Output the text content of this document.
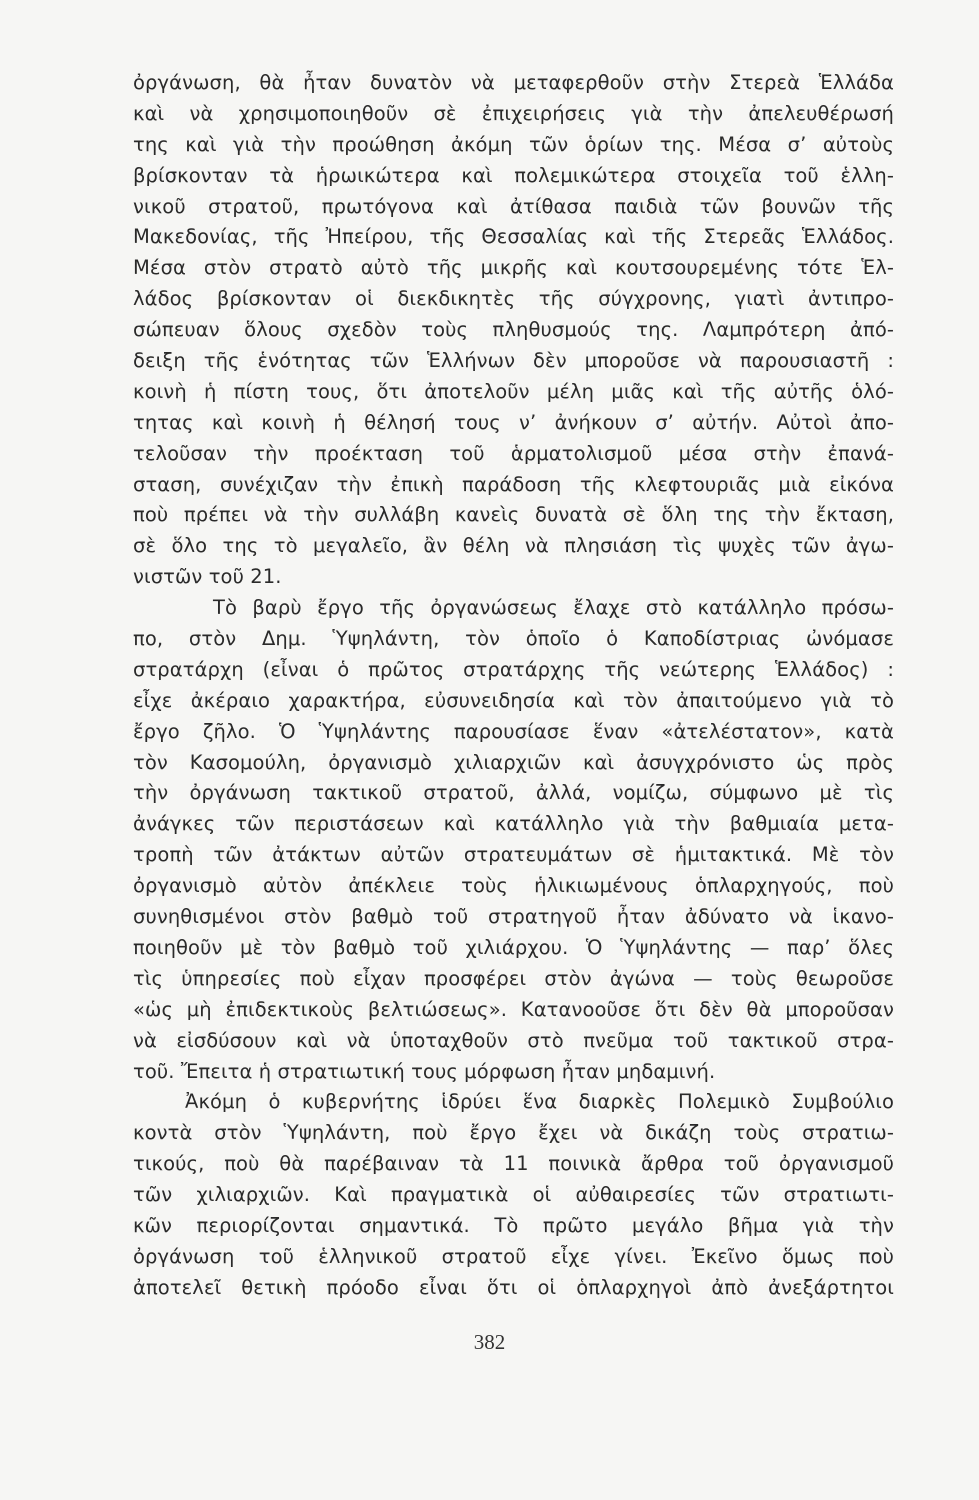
ὀργάνωση, θὰ ἦταν δυνατὸν νὰ μεταφερθοῦν στὴν Στερεὰ Ἑλλάδα
καὶ νὰ χρησιμοποιηθοῦν σὲ ἐπιχειρήσεις γιὰ τὴν ἀπελευθέρωσή
της καὶ γιὰ τὴν προώθηση ἀκόμη τῶν ὁρίων της. Μέσα σ’ αὐτοὺς
βρίσκονταν τὰ ἡρωικώτερα καὶ πολεμικώτερα στοιχεῖα τοῦ ἑλλη-
νικοῦ στρατοῦ, πρωτόγονα καὶ ἀτίθασα παιδιὰ τῶν βουνῶν τῆς
Μακεδονίας, τῆς Ἠπείρου, τῆς Θεσσαλίας καὶ τῆς Στερεᾶς Ἑλλάδος.
Μέσα στὸν στρατὸ αὐτὸ τῆς μικρῆς καὶ κουτσουρεμένης τότε Ἑλ-
λάδος βρίσκονταν οἱ διεκδικητὲς τῆς σύγχρονης, γιατὶ ἀντιπρο-
σώπευαν ὅλους σχεδὸν τοὺς πληθυσμούς της. Λαμπρότερη ἀπό-
δειξη τῆς ἑνότητας τῶν Ἑλλήνων δὲν μποροῦσε νὰ παρουσιαστῆ :
κοινὴ ἡ πίστη τους, ὅτι ἀποτελοῦν μέλη μιᾶς καὶ τῆς αὐτῆς ὁλό-
τητας καὶ κοινὴ ἡ θέλησή τους ν’ ἀνήκουν σ’ αὐτήν. Αὐτοὶ ἀπο-
τελοῦσαν τὴν προέκταση τοῦ ἁρματολισμοῦ μέσα στὴν ἐπανά-
σταση, συνέχιζαν τὴν ἐπικὴ παράδοση τῆς κλεφτουριᾶς μιὰ εἰκόνα
ποὺ πρέπει νὰ τὴν συλλάβη κανεὶς δυνατὰ σὲ ὅλη της τὴν ἔκταση,
σὲ ὅλο της τὸ μεγαλεῖο, ἂν θέλη νὰ πλησιάση τὶς ψυχὲς τῶν ἀγω-
νιστῶν τοῦ 21.
Τὸ βαρὺ ἔργο τῆς ὀργανώσεως ἔλαχε στὸ κατάλληλο πρόσω-
πο, στὸν Δημ. Ὑψηλάντη, τὸν ὁποῖο ὁ Καποδίστριας ὠνόμασε
στρατάρχη (εἶναι ὁ πρῶτος στρατάρχης τῆς νεώτερης Ἑλλάδος) :
εἶχε ἀκέραιο χαρακτήρα, εὐσυνειδησία καὶ τὸν ἀπαιτούμενο γιὰ τὸ
ἔργο ζῆλο. Ὁ Ὑψηλάντης παρουσίασε ἕναν «ἀτελέστατον», κατὰ
τὸν Κασομούλη, ὀργανισμὸ χιλιαρχιῶν καὶ ἀσυγχρόνιστο ὡς πρὸς
τὴν ὀργάνωση τακτικοῦ στρατοῦ, ἀλλά, νομίζω, σύμφωνο μὲ τὶς
ἀνάγκες τῶν περιστάσεων καὶ κατάλληλο γιὰ τὴν βαθμιαία μετα-
τροπὴ τῶν ἀτάκτων αὐτῶν στρατευμάτων σὲ ἡμιτακτικά. Μὲ τὸν
ὀργανισμὸ αὐτὸν ἀπέκλειε τοὺς ἡλικιωμένους ὁπλαρχηγούς, ποὺ
συνηθισμένοι στὸν βαθμὸ τοῦ στρατηγοῦ ἦταν ἀδύνατο νὰ ἱκανο-
ποιηθοῦν μὲ τὸν βαθμὸ τοῦ χιλιάρχου. Ὁ Ὑψηλάντης — παρ’ ὅλες
τὶς ὑπηρεσίες ποὺ εἶχαν προσφέρει στὸν ἀγώνα — τοὺς θεωροῦσε
«ὡς μὴ ἐπιδεκτικοὺς βελτιώσεως». Κατανοοῦσε ὅτι δὲν θὰ μποροῦσαν
νὰ εἰσδύσουν καὶ νὰ ὑποταχθοῦν στὸ πνεῦμα τοῦ τακτικοῦ στρα-
τοῦ. Ἔπειτα ἡ στρατιωτική τους μόρφωση ἦταν μηδαμινή.
Ἀκόμη ὁ κυβερνήτης ἱδρύει ἕνα διαρκὲς Πολεμικὸ Συμβούλιο
κοντὰ στὸν Ὑψηλάντη, ποὺ ἔργο ἔχει νὰ δικάζη τοὺς στρατιω-
τικούς, ποὺ θὰ παρέβαιναν τὰ 11 ποινικὰ ἄρθρα τοῦ ὀργανισμοῦ
τῶν χιλιαρχιῶν. Καὶ πραγματικὰ οἱ αὐθαιρεσίες τῶν στρατιωτι-
κῶν περιορίζονται σημαντικά. Τὸ πρῶτο μεγάλο βῆμα γιὰ τὴν
ὀργάνωση τοῦ ἑλληνικοῦ στρατοῦ εἶχε γίνει. Ἐκεῖνο ὅμως ποὺ
ἀποτελεῖ θετικὴ πρόοδο εἶναι ὅτι οἱ ὁπλαρχηγοὶ ἀπὸ ἀνεξάρτητοι
382
